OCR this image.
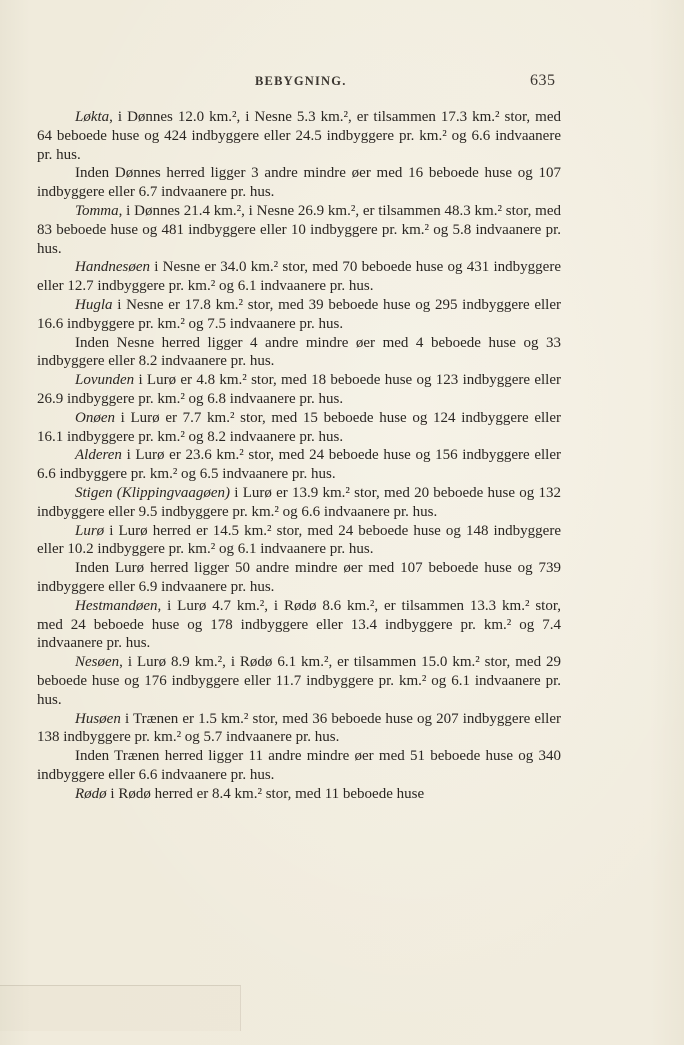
BEBYGNING.	635

Løkta, i Dønnes 12.0 km.², i Nesne 5.3 km.², er tilsammen 17.3 km.² stor, med 64 beboede huse og 424 indbyggere eller 24.5 indbyggere pr. km.² og 6.6 indvaanere pr. hus.

Inden Dønnes herred ligger 3 andre mindre øer med 16 beboede huse og 107 indbyggere eller 6.7 indvaanere pr. hus.

Tomma, i Dønnes 21.4 km.², i Nesne 26.9 km.², er tilsammen 48.3 km.² stor, med 83 beboede huse og 481 indbyggere eller 10 indbyggere pr. km.² og 5.8 indvaanere pr. hus.

Handnesøen i Nesne er 34.0 km.² stor, med 70 beboede huse og 431 indbyggere eller 12.7 indbyggere pr. km.² og 6.1 indvaanere pr. hus.

Hugla i Nesne er 17.8 km.² stor, med 39 beboede huse og 295 indbyggere eller 16.6 indbyggere pr. km.² og 7.5 indvaanere pr. hus.

Inden Nesne herred ligger 4 andre mindre øer med 4 beboede huse og 33 indbyggere eller 8.2 indvaanere pr. hus.

Lovunden i Lurø er 4.8 km.² stor, med 18 beboede huse og 123 indbyggere eller 26.9 indbyggere pr. km.² og 6.8 indvaanere pr. hus.

Onøen i Lurø er 7.7 km.² stor, med 15 beboede huse og 124 indbyggere eller 16.1 indbyggere pr. km.² og 8.2 indvaanere pr. hus.

Alderen i Lurø er 23.6 km.² stor, med 24 beboede huse og 156 indbyggere eller 6.6 indbyggere pr. km.² og 6.5 indvaanere pr. hus.

Stigen (Klippingvaagøen) i Lurø er 13.9 km.² stor, med 20 beboede huse og 132 indbyggere eller 9.5 indbyggere pr. km.² og 6.6 indvaanere pr. hus.

Lurø i Lurø herred er 14.5 km.² stor, med 24 beboede huse og 148 indbyggere eller 10.2 indbyggere pr. km.² og 6.1 indvaanere pr. hus.

Inden Lurø herred ligger 50 andre mindre øer med 107 beboede huse og 739 indbyggere eller 6.9 indvaanere pr. hus.

Hestmandøen, i Lurø 4.7 km.², i Rødø 8.6 km.², er tilsammen 13.3 km.² stor, med 24 beboede huse og 178 indbyggere eller 13.4 indbyggere pr. km.² og 7.4 indvaanere pr. hus.

Nesøen, i Lurø 8.9 km.², i Rødø 6.1 km.², er tilsammen 15.0 km.² stor, med 29 beboede huse og 176 indbyggere eller 11.7 indbyggere pr. km.² og 6.1 indvaanere pr. hus.

Husøen i Trænen er 1.5 km.² stor, med 36 beboede huse og 207 indbyggere eller 138 indbyggere pr. km.² og 5.7 indvaanere pr. hus.

Inden Trænen herred ligger 11 andre mindre øer med 51 beboede huse og 340 indbyggere eller 6.6 indvaanere pr. hus.

Rødø i Rødø herred er 8.4 km.² stor, med 11 beboede huse
